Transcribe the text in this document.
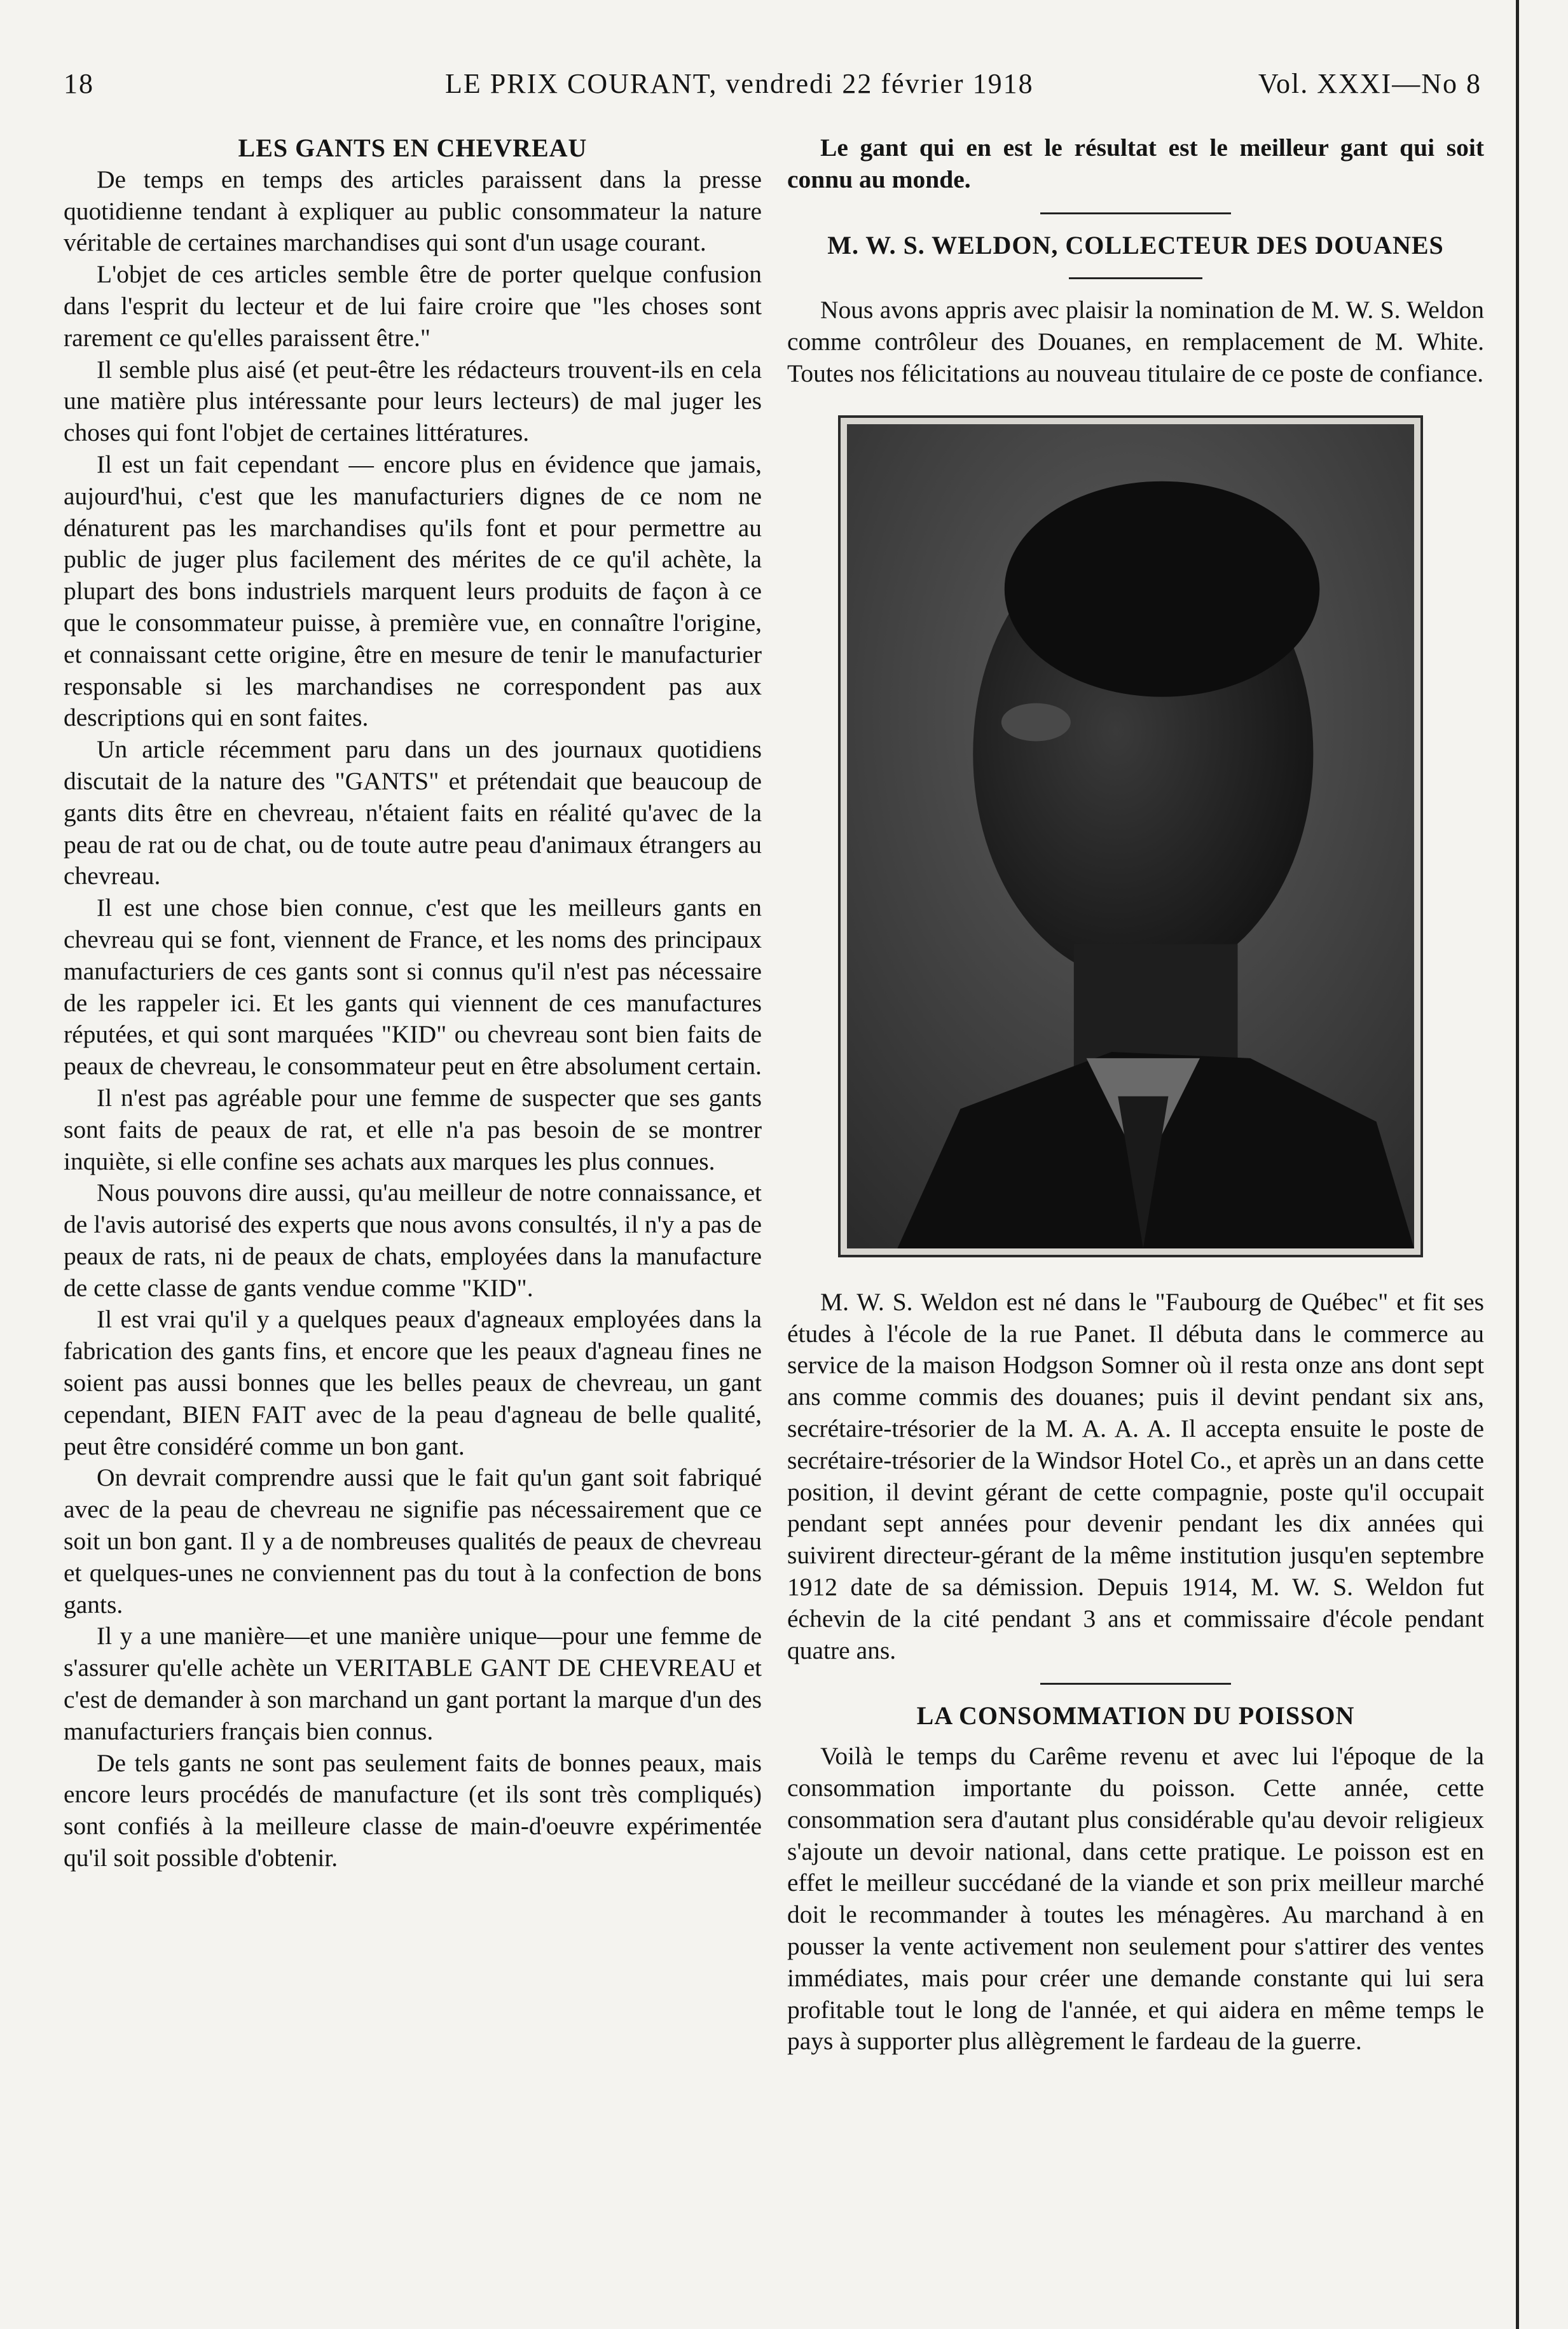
18	LE PRIX COURANT, vendredi 22 février 1918	Vol. XXXI—No 8
LES GANTS EN CHEVREAU

De temps en temps des articles paraissent dans la presse quotidienne tendant à expliquer au public consommateur la nature véritable de certaines marchandises qui sont d'un usage courant.

L'objet de ces articles semble être de porter quelque confusion dans l'esprit du lecteur et de lui faire croire que "les choses sont rarement ce qu'elles paraissent être."

Il semble plus aisé (et peut-être les rédacteurs trouvent-ils en cela une matière plus intéressante pour leurs lecteurs) de mal juger les choses qui font l'objet de certaines littératures.

Il est un fait cependant — encore plus en évidence que jamais, aujourd'hui, c'est que les manufacturiers dignes de ce nom ne dénaturent pas les marchandises qu'ils font et pour permettre au public de juger plus facilement des mérites de ce qu'il achète, la plupart des bons industriels marquent leurs produits de façon à ce que le consommateur puisse, à première vue, en connaître l'origine, et connaissant cette origine, être en mesure de tenir le manufacturier responsable si les marchandises ne correspondent pas aux descriptions qui en sont faites.

Un article récemment paru dans un des journaux quotidiens discutait de la nature des "GANTS" et prétendait que beaucoup de gants dits être en chevreau, n'étaient faits en réalité qu'avec de la peau de rat ou de chat, ou de toute autre peau d'animaux étrangers au chevreau.

Il est une chose bien connue, c'est que les meilleurs gants en chevreau qui se font, viennent de France, et les noms des principaux manufacturiers de ces gants sont si connus qu'il n'est pas nécessaire de les rappeler ici. Et les gants qui viennent de ces manufactures réputées, et qui sont marquées "KID" ou chevreau sont bien faits de peaux de chevreau, le consommateur peut en être absolument certain.

Il n'est pas agréable pour une femme de suspecter que ses gants sont faits de peaux de rat, et elle n'a pas besoin de se montrer inquiète, si elle confine ses achats aux marques les plus connues.

Nous pouvons dire aussi, qu'au meilleur de notre connaissance, et de l'avis autorisé des experts que nous avons consultés, il n'y a pas de peaux de rats, ni de peaux de chats, employées dans la manufacture de cette classe de gants vendue comme "KID".

Il est vrai qu'il y a quelques peaux d'agneaux employées dans la fabrication des gants fins, et encore que les peaux d'agneau fines ne soient pas aussi bonnes que les belles peaux de chevreau, un gant cependant, BIEN FAIT avec de la peau d'agneau de belle qualité, peut être considéré comme un bon gant.

On devrait comprendre aussi que le fait qu'un gant soit fabriqué avec de la peau de chevreau ne signifie pas nécessairement que ce soit un bon gant. Il y a de nombreuses qualités de peaux de chevreau et quelques-unes ne conviennent pas du tout à la confection de bons gants.

Il y a une manière—et une manière unique—pour une femme de s'assurer qu'elle achète un VERITABLE GANT DE CHEVREAU et c'est de demander à son marchand un gant portant la marque d'un des manufacturiers français bien connus.

De tels gants ne sont pas seulement faits de bonnes peaux, mais encore leurs procédés de manufacture (et ils sont très compliqués) sont confiés à la meilleure classe de main-d'oeuvre expérimentée qu'il soit possible d'obtenir.

Le gant qui en est le résultat est le meilleur gant qui soit connu au monde.

M. W. S. WELDON, COLLECTEUR DES DOUANES

Nous avons appris avec plaisir la nomination de M. W. S. Weldon comme contrôleur des Douanes, en remplacement de M. White. Toutes nos félicitations au nouveau titulaire de ce poste de confiance.

M. W. S. Weldon est né dans le "Faubourg de Québec" et fit ses études à l'école de la rue Panet. Il débuta dans le commerce au service de la maison Hodgson Somner où il resta onze ans dont sept ans comme commis des douanes; puis il devint pendant six ans, secrétaire-trésorier de la M. A. A. A. Il accepta ensuite le poste de secrétaire-trésorier de la Windsor Hotel Co., et après un an dans cette position, il devint gérant de cette compagnie, poste qu'il occupait pendant sept années pour devenir pendant les dix années qui suivirent directeur-gérant de la même institution jusqu'en septembre 1912 date de sa démission. Depuis 1914, M. W. S. Weldon fut échevin de la cité pendant 3 ans et commissaire d'école pendant quatre ans.

LA CONSOMMATION DU POISSON

Voilà le temps du Carême revenu et avec lui l'époque de la consommation importante du poisson. Cette année, cette consommation sera d'autant plus considérable qu'au devoir religieux s'ajoute un devoir national, dans cette pratique. Le poisson est en effet le meilleur succédané de la viande et son prix meilleur marché doit le recommander à toutes les ménagères. Au marchand à en pousser la vente activement non seulement pour s'attirer des ventes immédiates, mais pour créer une demande constante qui lui sera profitable tout le long de l'année, et qui aidera en même temps le pays à supporter plus allègrement le fardeau de la guerre.
